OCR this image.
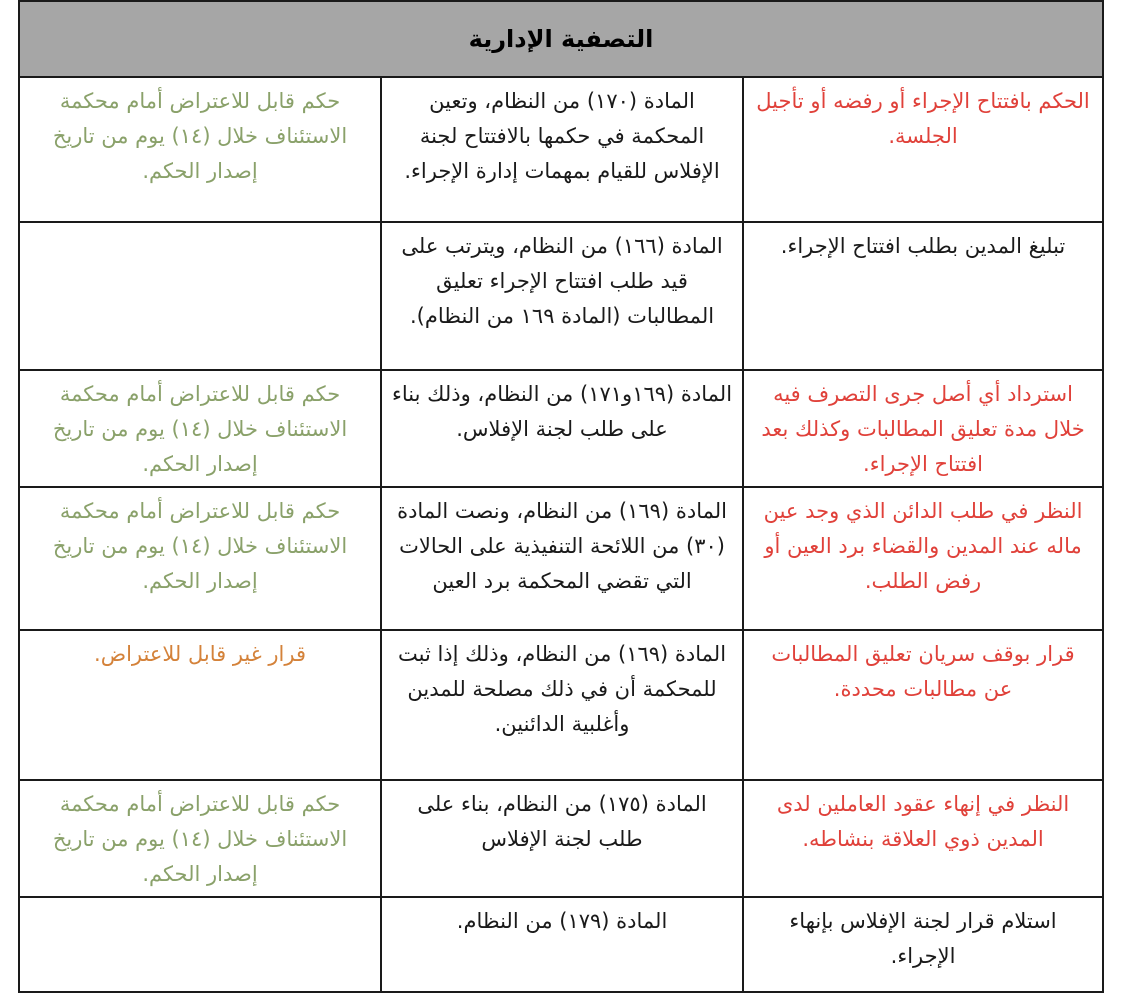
التصفية الإدارية		
الحكم بافتتاح الإجراء أو رفضه أو تأجيل الجلسة.	المادة (١٧٠) من النظام، وتعين المحكمة في حكمها بالافتتاح لجنة الإفلاس للقيام بمهمات إدارة الإجراء.	حكم قابل للاعتراض أمام محكمة الاستئناف خلال (١٤) يوم من تاريخ إصدار الحكم.
تبليغ المدين بطلب افتتاح الإجراء.	المادة (١٦٦) من النظام، ويترتب على قيد طلب افتتاح الإجراء تعليق المطالبات (المادة ١٦٩ من النظام).	
استرداد أي أصل جرى التصرف فيه خلال مدة تعليق المطالبات وكذلك بعد افتتاح الإجراء.	المادة (١٦٩و١٧١) من النظام، وذلك بناء على طلب لجنة الإفلاس.	حكم قابل للاعتراض أمام محكمة الاستئناف خلال (١٤) يوم من تاريخ إصدار الحكم.
النظر في طلب الدائن الذي وجد عين ماله عند المدين والقضاء برد العين أو رفض الطلب.	المادة (١٦٩) من النظام، ونصت المادة (٣٠) من اللائحة التنفيذية على الحالات التي تقضي المحكمة برد العين	حكم قابل للاعتراض أمام محكمة الاستئناف خلال (١٤) يوم من تاريخ إصدار الحكم.
قرار بوقف سريان تعليق المطالبات عن مطالبات محددة.	المادة (١٦٩) من النظام، وذلك إذا ثبت للمحكمة أن في ذلك مصلحة للمدين وأغلبية الدائنين.	قرار غير قابل للاعتراض.
النظر في إنهاء عقود العاملين لدى المدين ذوي العلاقة بنشاطه.	المادة (١٧٥) من النظام، بناء على طلب لجنة الإفلاس	حكم قابل للاعتراض أمام محكمة الاستئناف خلال (١٤) يوم من تاريخ إصدار الحكم.
استلام قرار لجنة الإفلاس بإنهاء الإجراء.	المادة (١٧٩) من النظام.	
